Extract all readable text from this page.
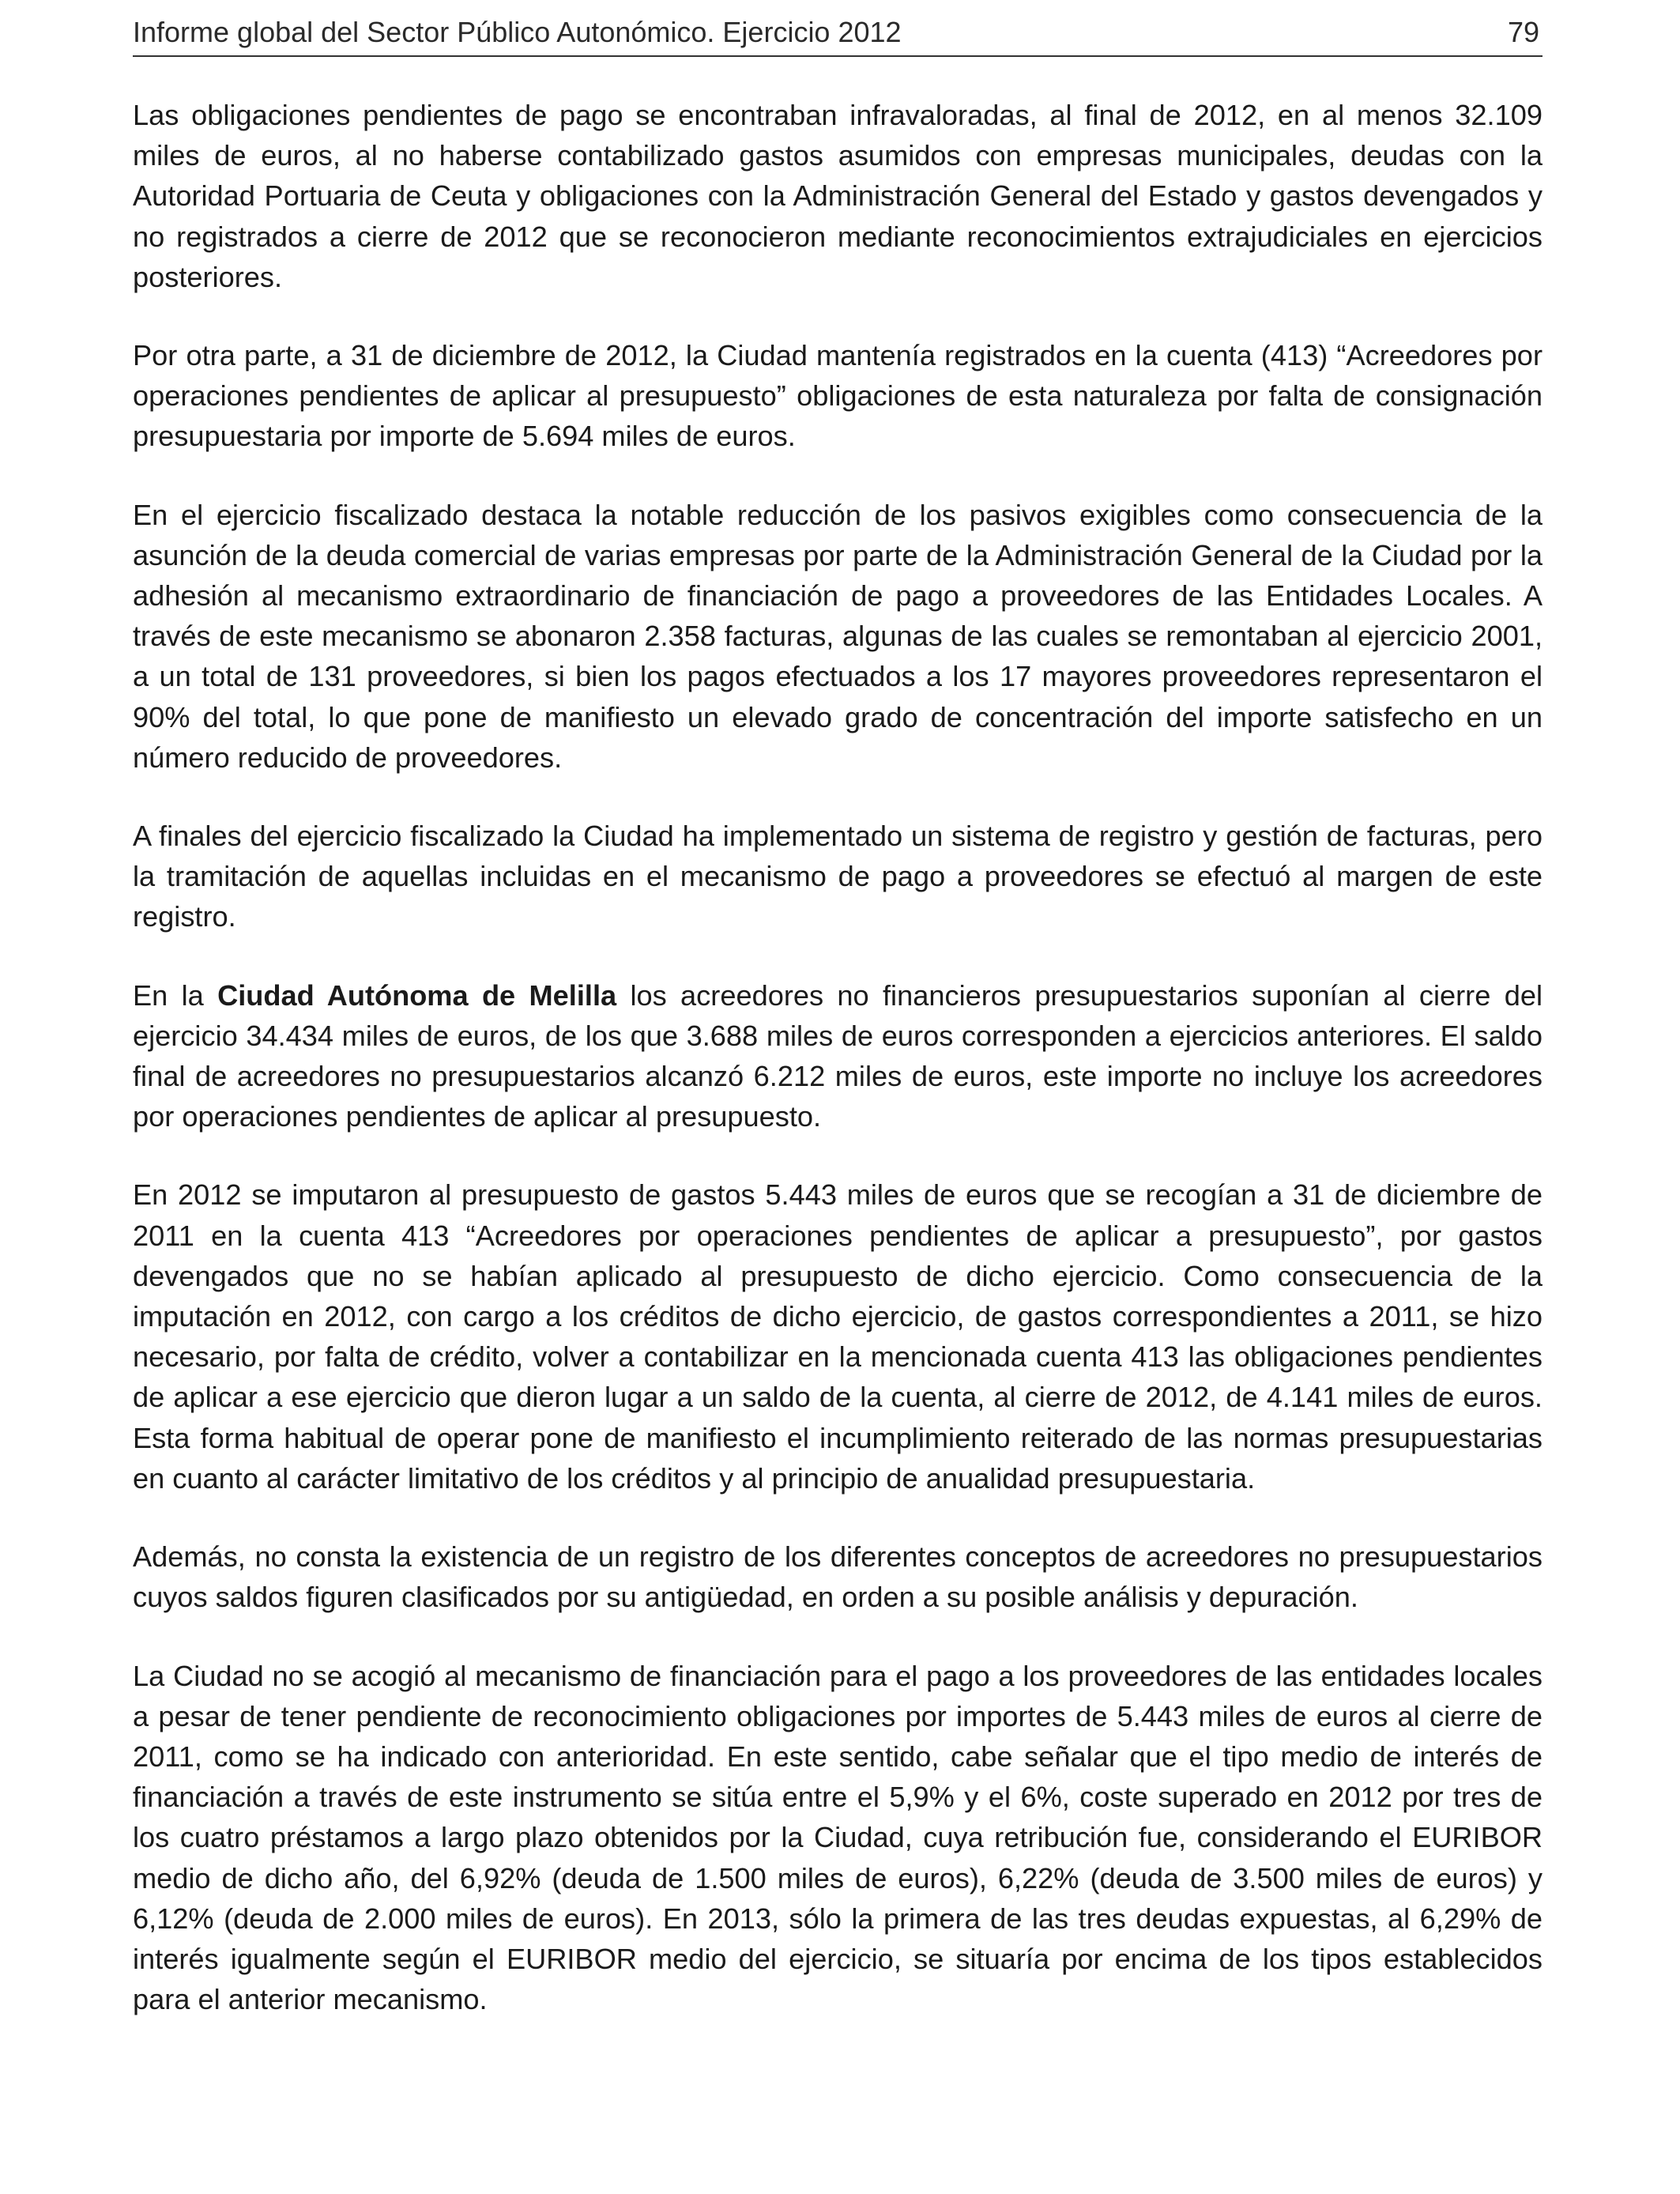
Informe global del Sector Público Autonómico. Ejercicio 2012	79

Las obligaciones pendientes de pago se encontraban infravaloradas, al final de 2012, en al menos 32.109 miles de euros, al no haberse contabilizado gastos asumidos con empresas municipales, deudas con la Autoridad Portuaria de Ceuta y obligaciones con la Administración General del Estado y gastos devengados y no registrados a cierre de 2012 que se reconocieron mediante reconocimientos extrajudiciales en ejercicios posteriores.

Por otra parte, a 31 de diciembre de 2012, la Ciudad mantenía registrados en la cuenta (413) “Acreedores por operaciones pendientes de aplicar al presupuesto” obligaciones de esta naturaleza por falta de consignación presupuestaria por importe de 5.694 miles de euros.

En el ejercicio fiscalizado destaca la notable reducción de los pasivos exigibles como consecuencia de la asunción de la deuda comercial de varias empresas por parte de la Administración General de la Ciudad por la adhesión al mecanismo extraordinario de financiación de pago a proveedores de las Entidades Locales. A través de este mecanismo se abonaron 2.358 facturas, algunas de las cuales se remontaban al ejercicio 2001, a un total de 131 proveedores, si bien los pagos efectuados a los 17 mayores proveedores representaron el 90% del total, lo que pone de manifiesto un elevado grado de concentración del importe satisfecho en un número reducido de proveedores.

A finales del ejercicio fiscalizado la Ciudad ha implementado un sistema de registro y gestión de facturas, pero la tramitación de aquellas incluidas en el mecanismo de pago a proveedores se efectuó al margen de este registro.

En la Ciudad Autónoma de Melilla los acreedores no financieros presupuestarios suponían al cierre del ejercicio 34.434 miles de euros, de los que 3.688 miles de euros corresponden a ejercicios anteriores. El saldo final de acreedores no presupuestarios alcanzó 6.212 miles de euros, este importe no incluye los acreedores por operaciones pendientes de aplicar al presupuesto.

En 2012 se imputaron al presupuesto de gastos 5.443 miles de euros que se recogían a 31 de diciembre de 2011 en la cuenta 413 “Acreedores por operaciones pendientes de aplicar a presupuesto”, por gastos devengados que no se habían aplicado al presupuesto de dicho ejercicio. Como consecuencia de la imputación en 2012, con cargo a los créditos de dicho ejercicio, de gastos correspondientes a 2011, se hizo necesario, por falta de crédito, volver a contabilizar en la mencionada cuenta 413 las obligaciones pendientes de aplicar a ese ejercicio que dieron lugar a un saldo de la cuenta, al cierre de 2012, de 4.141 miles de euros. Esta forma habitual de operar pone de manifiesto el incumplimiento reiterado de las normas presupuestarias en cuanto al carácter limitativo de los créditos y al principio de anualidad presupuestaria.

Además, no consta la existencia de un registro de los diferentes conceptos de acreedores no presupuestarios cuyos saldos figuren clasificados por su antigüedad, en orden a su posible análisis y depuración.

La Ciudad no se acogió al mecanismo de financiación para el pago a los proveedores de las entidades locales a pesar de tener pendiente de reconocimiento obligaciones por importes de 5.443 miles de euros al cierre de 2011, como se ha indicado con anterioridad. En este sentido, cabe señalar que el tipo medio de interés de financiación a través de este instrumento se sitúa entre el 5,9% y el 6%, coste superado en 2012 por tres de los cuatro préstamos a largo plazo obtenidos por la Ciudad, cuya retribución fue, considerando el EURIBOR medio de dicho año, del 6,92% (deuda de 1.500 miles de euros), 6,22% (deuda de 3.500 miles de euros) y 6,12% (deuda de 2.000 miles de euros). En 2013, sólo la primera de las tres deudas expuestas, al 6,29% de interés igualmente según el EURIBOR medio del ejercicio, se situaría por encima de los tipos establecidos para el anterior mecanismo.
